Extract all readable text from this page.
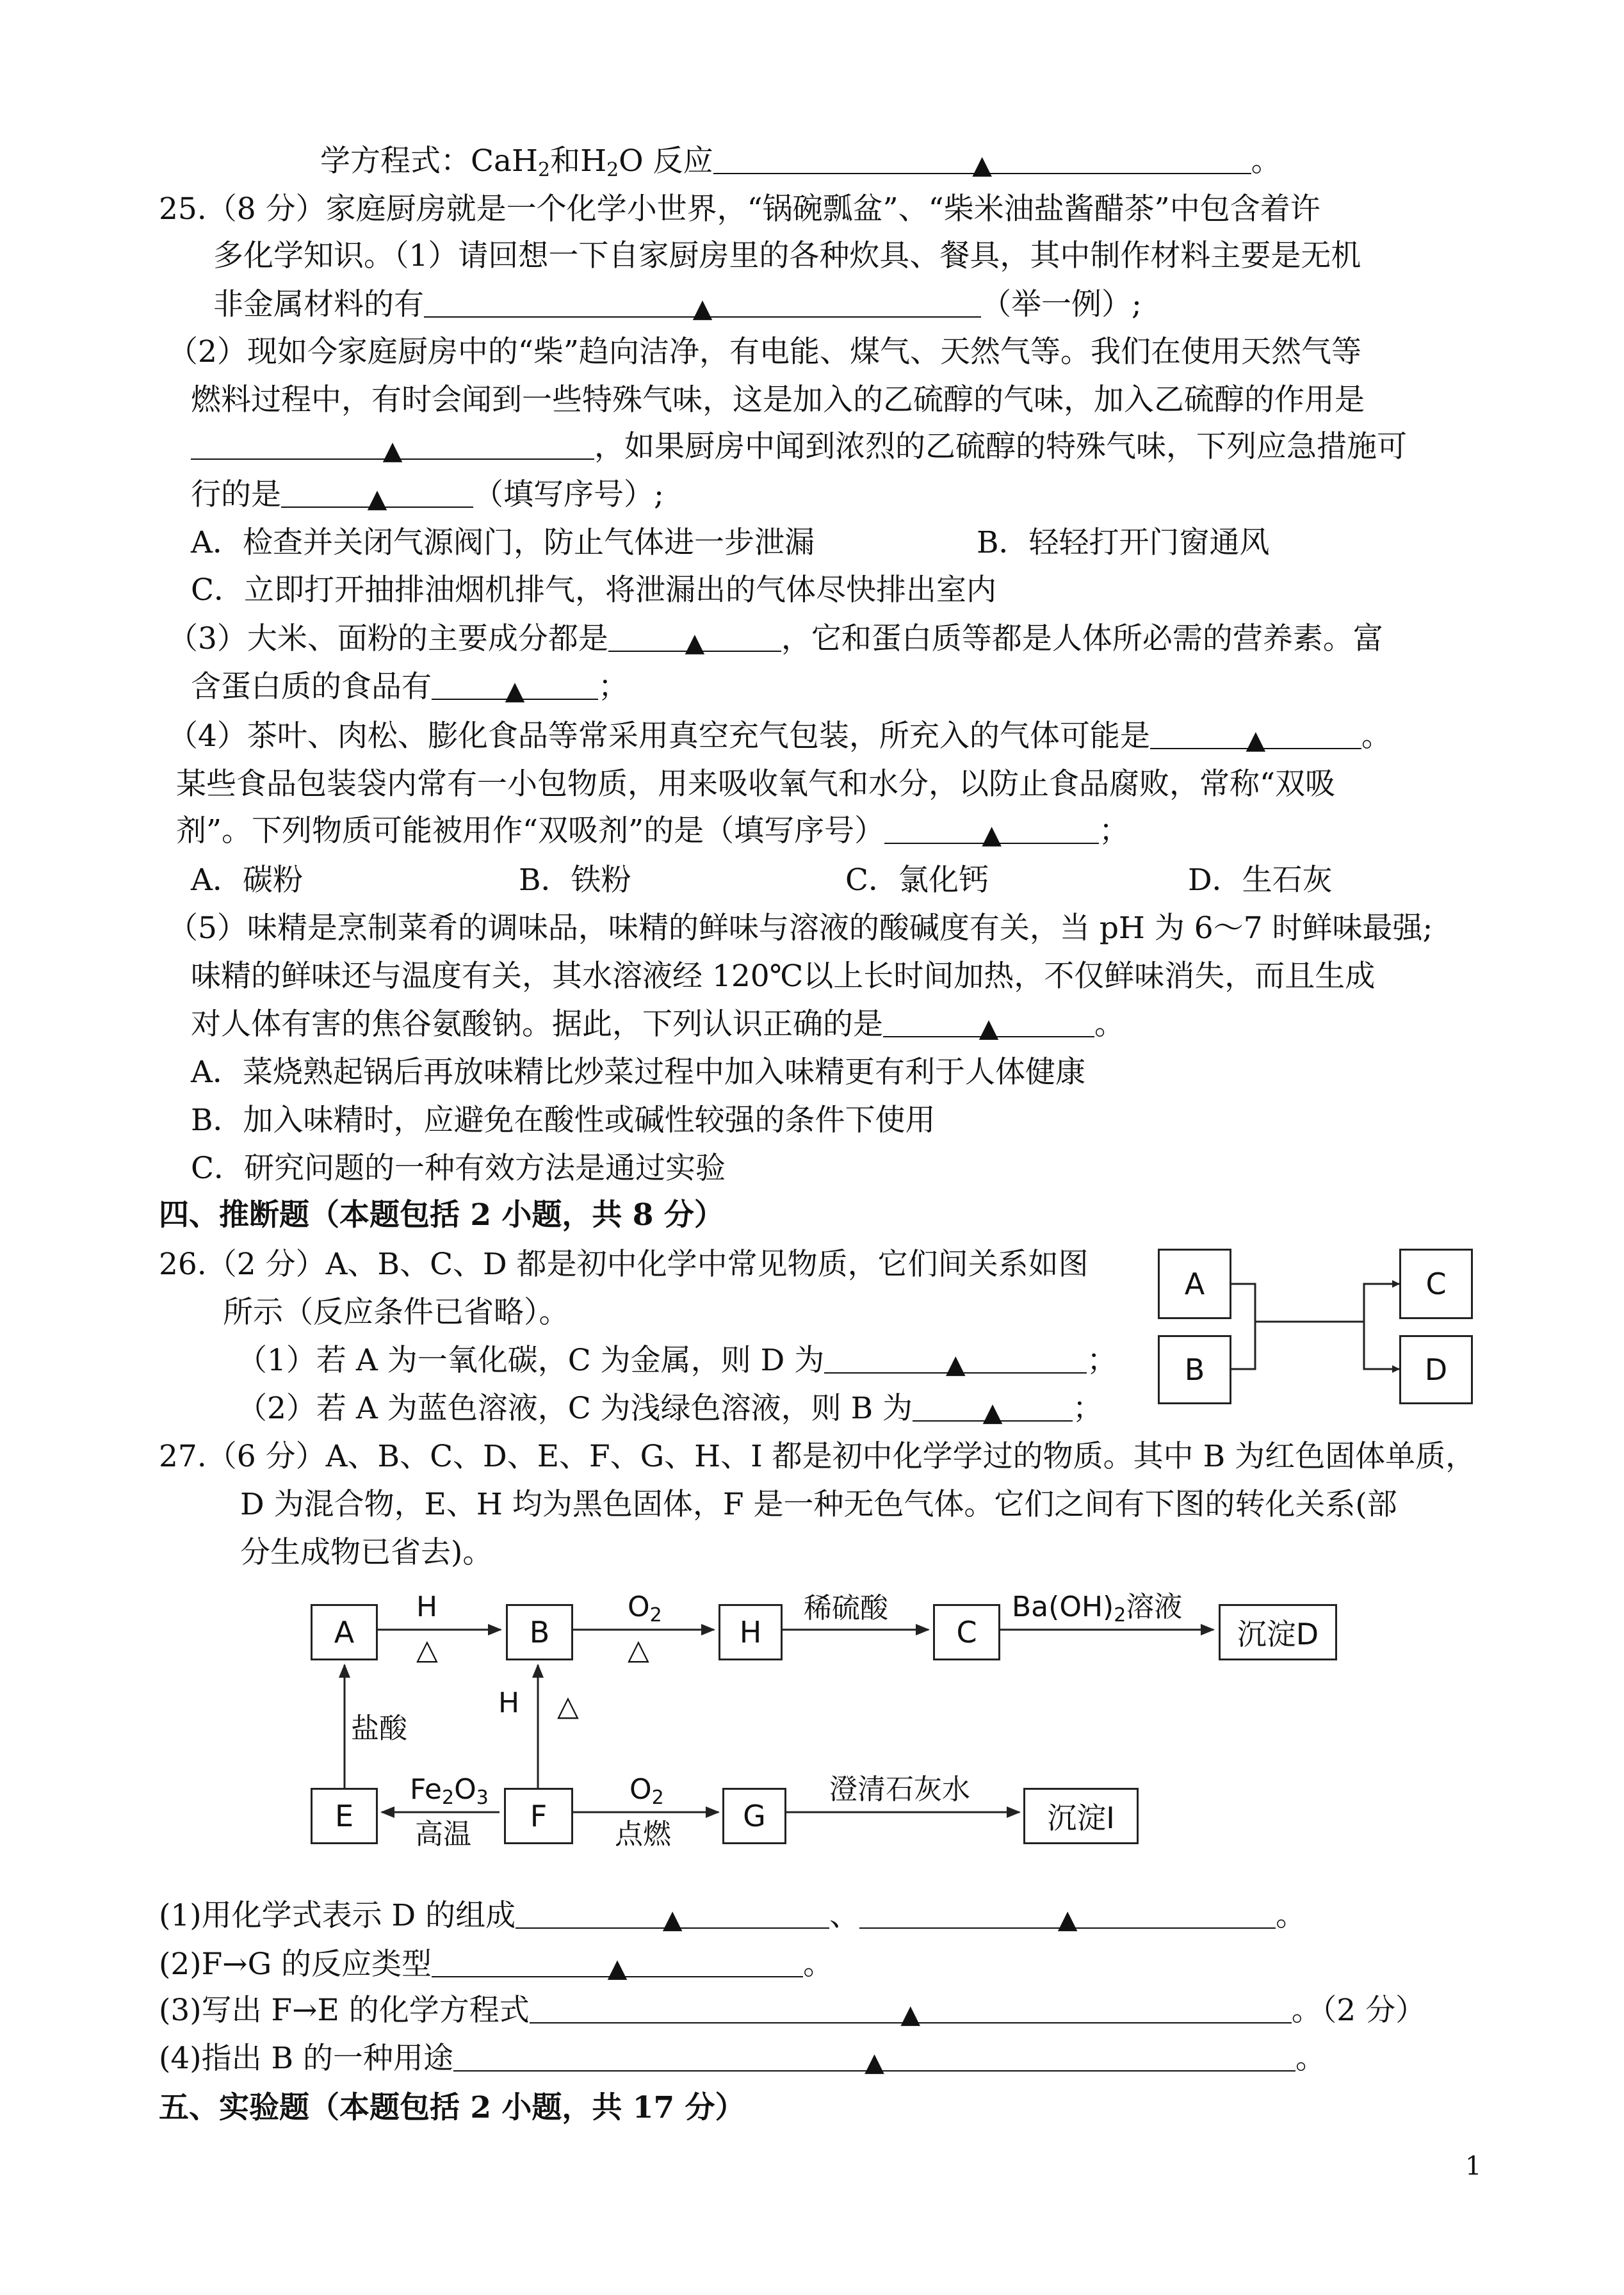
学方程式：CaH$_2$和$H_2O$ 反应	▲	。
25.（8 分）家庭厨房就是一个化学小世界，“锅碗瓢盆”、“柴米油盐酱醋茶”中包含着许
多化学知识。（1）请回想一下自家厨房里的各种炊具、餐具，其中制作材料主要是无机
非金属材料的有	▲	（举一例）;
（2）现如今家庭厨房中的“柴”趋向洁净，有电能、煤气、天然气等。我们在使用天然气等
燃料过程中，有时会闻到一些特殊气味，这是加入的乙硫醇的气味，加入乙硫醇的作用是
▲	，如果厨房中闻到浓烈的乙硫醇的特殊气味，下列应急措施可
行的是	▲	（填写序号）;
A．检查并关闭气源阀门，防止气体进一步泄漏	B．轻轻打开门窗通风
C．立即打开抽排油烟机排气，将泄漏出的气体尽快排出室内
（3）大米、面粉的主要成分都是	▲	，它和蛋白质等都是人体所必需的营养素。富
含蛋白质的食品有	▲ ；
（4）茶叶、肉松、膨化食品等常采用真空充气包装，所充入的气体可能是	▲	。
某些食品包装袋内常有一小包物质，用来吸收氧气和水分，以防止食品腐败，常称“双吸
剂”。下列物质可能被用作“双吸剂”的是（填写序号）	▲	；
A．碳粉	B．铁粉	C．氯化钙	D．生石灰
（5）味精是烹制菜肴的调味品，味精的鲜味与溶液的酸碱度有关，当 pH 为 6～7 时鲜味最强;
味精的鲜味还与温度有关，其水溶液经 120℃以上长时间加热，不仅鲜味消失，而且生成
对人体有害的焦谷氨酸钠。据此，下列认识正确的是	▲	。
A．菜烧熟起锅后再放味精比炒菜过程中加入味精更有利于人体健康
B．加入味精时，应避免在酸性或碱性较强的条件下使用
C．研究问题的一种有效方法是通过实验
四、推断题（本题包括 2 小题，共 8 分）
26.（2 分）A、B、C、D 都是初中化学中常见物质，它们间关系如图
所示（反应条件已省略）。
（1）若 A 为一氧化碳，C 为金属，则 D 为	▲	；
（2）若 A 为蓝色溶液，C 为浅绿色溶液，则 B 为	▲ ；
A
B
C
D
27.（6 分）A、B、C、D、E、F、G、H、I 都是初中化学学过的物质。其中 B 为红色固体单质，
D 为混合物，E、H 均为黑色固体，F 是一种无色气体。它们之间有下图的转化关系(部
分生成物已省去)。
A	B	H	C	沉淀D
E	F	G	沉淀I
H
△
$O_2$
△
稀硫酸	$Ba(OH)_2$溶液
盐酸
H △
$Fe_2O_3$
高温
$O_2$
点燃
澄清石灰水
(1)用化学式表示 D 的组成	▲	、	▲	。
(2)F→G 的反应类型	▲	。
(3)写出 F→E 的化学方程式	▲	。（2 分）
(4)指出 B 的一种用途	▲	。
五、实验题（本题包括 2 小题，共 17 分）
1
